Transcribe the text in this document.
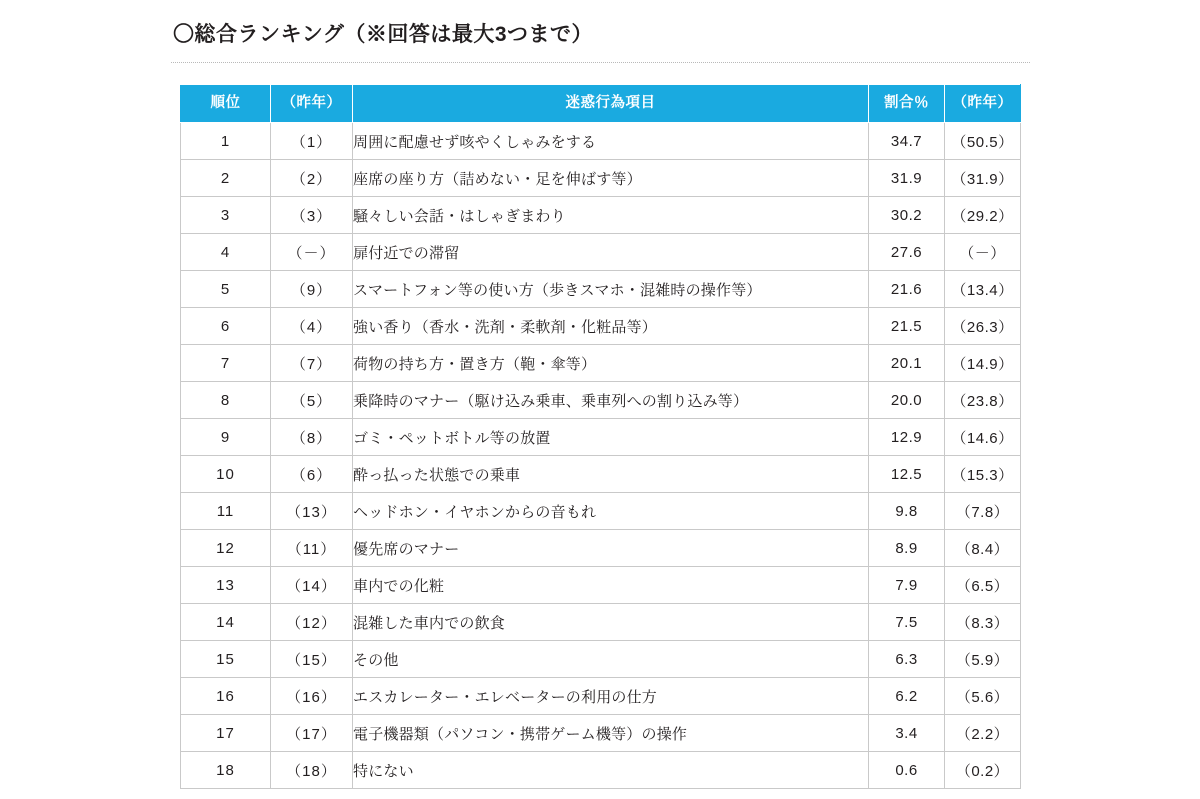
〇総合ランキング（※回答は最大3つまで）
順位	（昨年）	迷惑行為項目	割合％	（昨年）
1	（1）	周囲に配慮せず咳やくしゃみをする	34.7	（50.5）
2	（2）	座席の座り方（詰めない・足を伸ばす等）	31.9	（31.9）
3	（3）	騒々しい会話・はしゃぎまわり	30.2	（29.2）
4	（－）	扉付近での滞留	27.6	（－）
5	（9）	スマートフォン等の使い方（歩きスマホ・混雑時の操作等）	21.6	（13.4）
6	（4）	強い香り（香水・洗剤・柔軟剤・化粧品等）	21.5	（26.3）
7	（7）	荷物の持ち方・置き方（鞄・傘等）	20.1	（14.9）
8	（5）	乗降時のマナー（駆け込み乗車、乗車列への割り込み等）	20.0	（23.8）
9	（8）	ゴミ・ペットボトル等の放置	12.9	（14.6）
10	（6）	酔っ払った状態での乗車	12.5	（15.3）
11	（13）	ヘッドホン・イヤホンからの音もれ	9.8	（7.8）
12	（11）	優先席のマナー	8.9	（8.4）
13	（14）	車内での化粧	7.9	（6.5）
14	（12）	混雑した車内での飲食	7.5	（8.3）
15	（15）	その他	6.3	（5.9）
16	（16）	エスカレーター・エレベーターの利用の仕方	6.2	（5.6）
17	（17）	電子機器類（パソコン・携帯ゲーム機等）の操作	3.4	（2.2）
18	（18）	特にない	0.6	（0.2）
